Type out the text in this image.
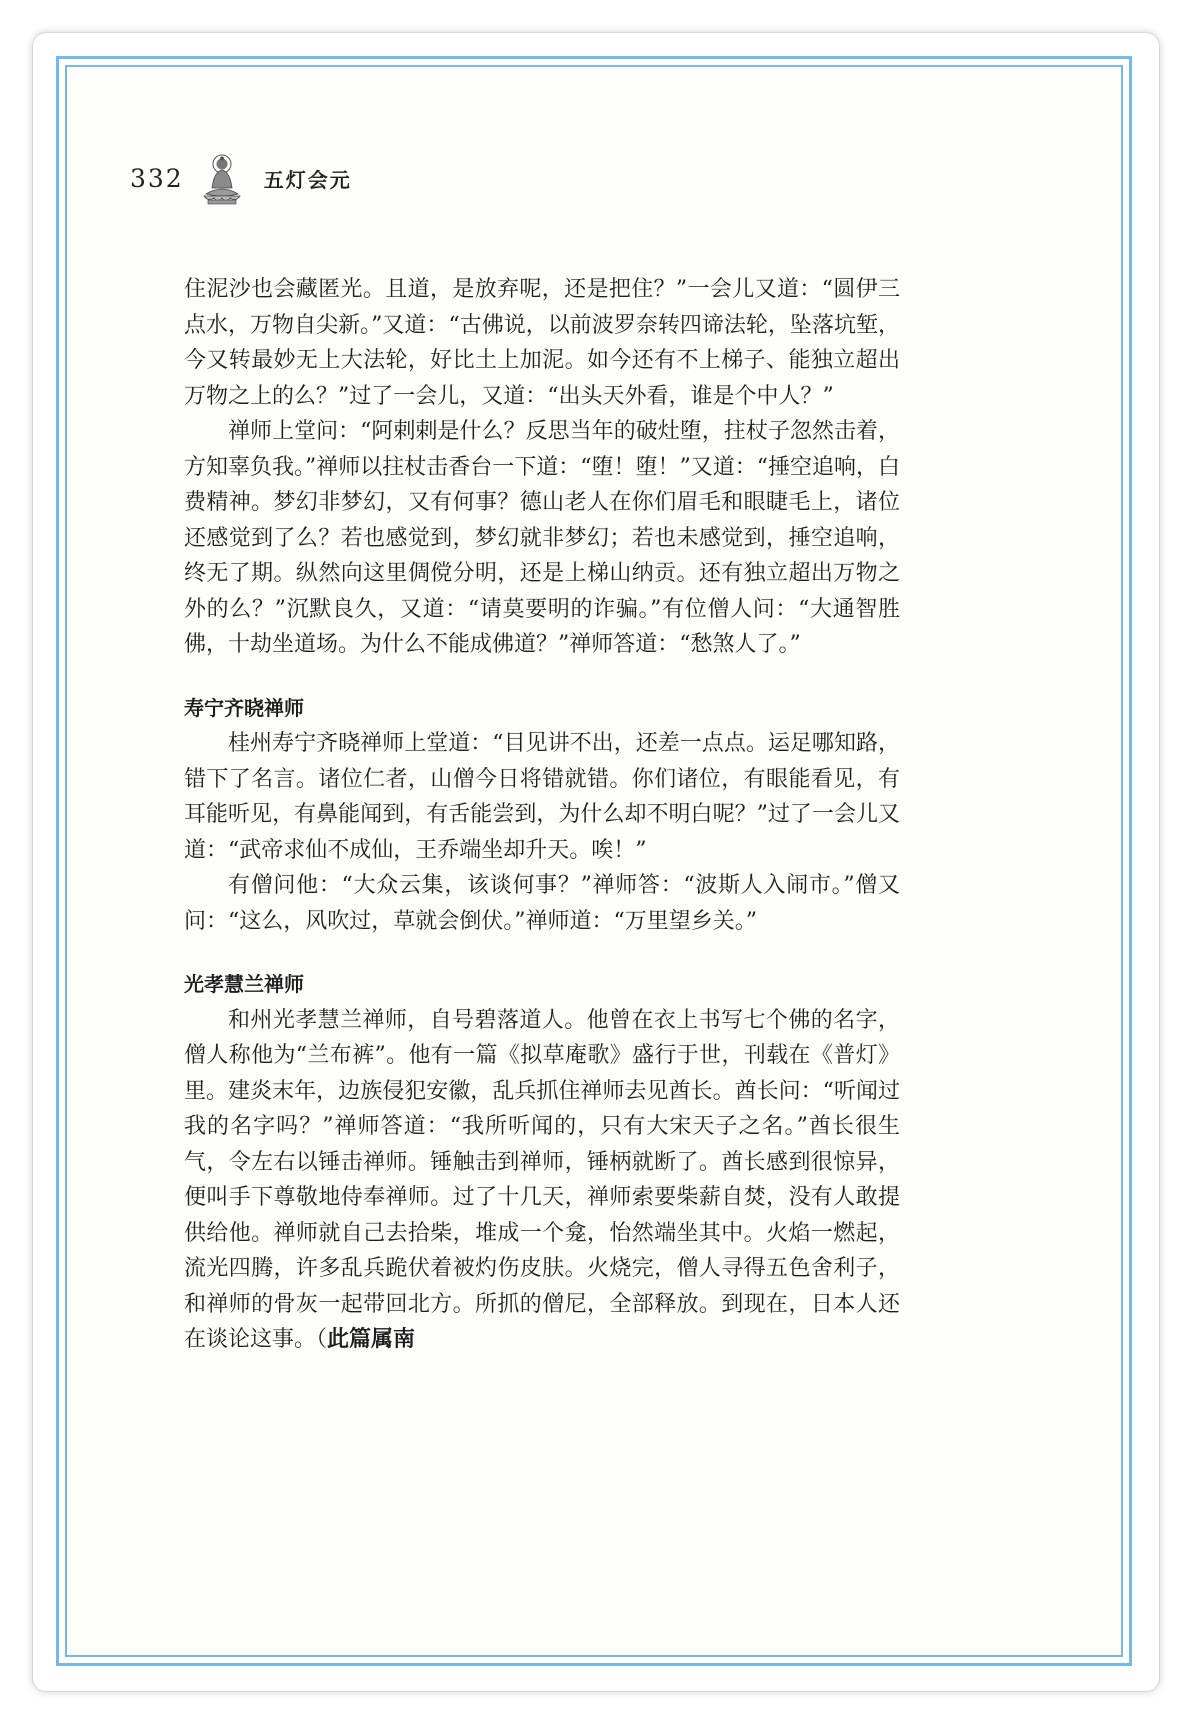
332	五灯会元

住泥沙也会藏匿光。且道，是放弃呢，还是把住？”一会儿又道：“圆伊三点水，万物自尖新。”又道：“古佛说，以前波罗奈转四谛法轮，坠落坑堑，今又转最妙无上大法轮，好比土上加泥。如今还有不上梯子、能独立超出万物之上的么？”过了一会儿，又道：“出头天外看，谁是个中人？”

禅师上堂问：“阿剌剌是什么？反思当年的破灶堕，拄杖子忽然击着，方知辜负我。”禅师以拄杖击香台一下道：“堕！堕！”又道：“捶空追响，白费精神。梦幻非梦幻，又有何事？德山老人在你们眉毛和眼睫毛上，诸位还感觉到了么？若也感觉到，梦幻就非梦幻；若也未感觉到，捶空追响，终无了期。纵然向这里倜傥分明，还是上梯山纳贡。还有独立超出万物之外的么？”沉默良久，又道：“请莫要明的诈骗。”有位僧人问：“大通智胜佛，十劫坐道场。为什么不能成佛道？”禅师答道：“愁煞人了。”

寿宁齐晓禅师

桂州寿宁齐晓禅师上堂道：“目见讲不出，还差一点点。运足哪知路，错下了名言。诸位仁者，山僧今日将错就错。你们诸位，有眼能看见，有耳能听见，有鼻能闻到，有舌能尝到，为什么却不明白呢？”过了一会儿又道：“武帝求仙不成仙，王乔端坐却升天。唉！”

有僧问他：“大众云集，该谈何事？”禅师答：“波斯人入闹市。”僧又问：“这么，风吹过，草就会倒伏。”禅师道：“万里望乡关。”

光孝慧兰禅师

和州光孝慧兰禅师，自号碧落道人。他曾在衣上书写七个佛的名字，僧人称他为“兰布裤”。他有一篇《拟草庵歌》盛行于世，刊载在《普灯》里。建炎末年，边族侵犯安徽，乱兵抓住禅师去见酋长。酋长问：“听闻过我的名字吗？”禅师答道：“我所听闻的，只有大宋天子之名。”酋长很生气，令左右以锤击禅师。锤触击到禅师，锤柄就断了。酋长感到很惊异，便叫手下尊敬地侍奉禅师。过了十几天，禅师索要柴薪自焚，没有人敢提供给他。禅师就自己去拾柴，堆成一个龛，怡然端坐其中。火焰一燃起，流光四腾，许多乱兵跪伏着被灼伤皮肤。火烧完，僧人寻得五色舍利子，和禅师的骨灰一起带回北方。所抓的僧尼，全部释放。到现在，日本人还在谈论这事。（此篇属南
